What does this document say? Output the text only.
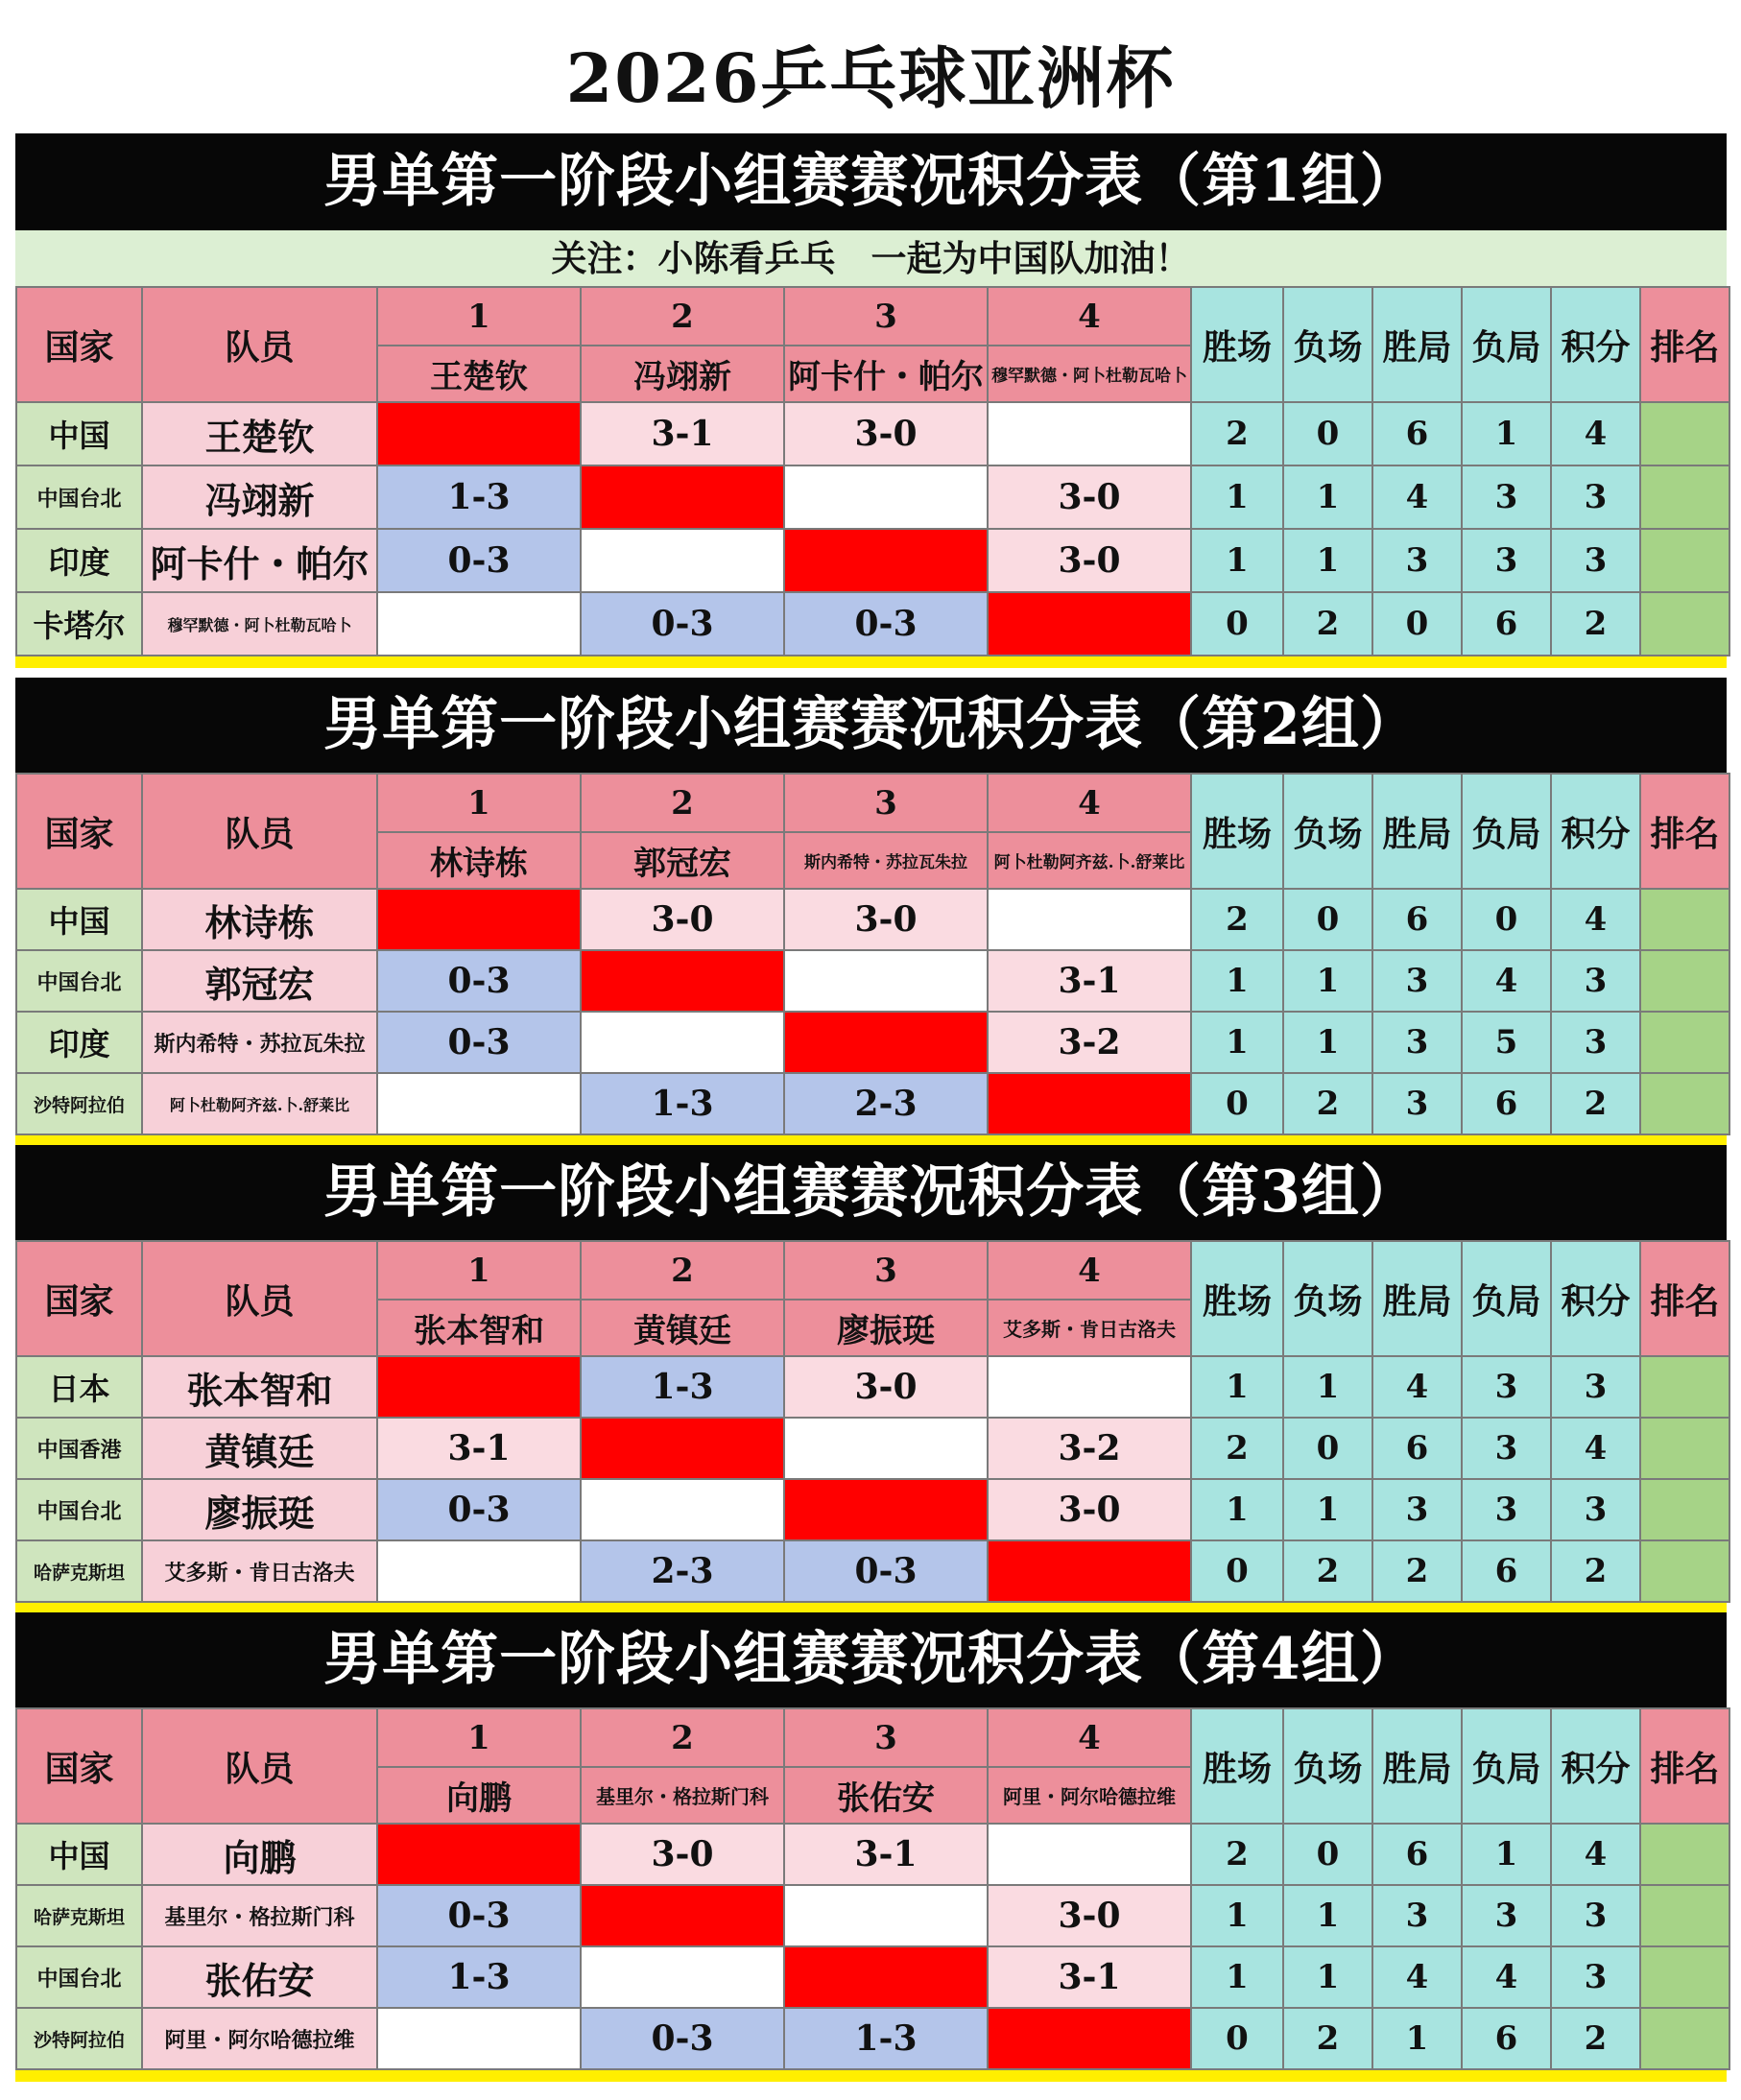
2026乒乓球亚洲杯
男单第一阶段小组赛赛况积分表（第1组）
关注：小陈看乒乓　一起为中国队加油！
国家	队员	1	2	3	4	胜场	负场	胜局	负局	积分	排名
		王楚钦	冯翊新	阿卡什・帕尔	穆罕默德・阿卜杜勒瓦哈卜						
中国	王楚钦		3-1	3-0		2	0	6	1	4	
中国台北	冯翊新	1-3			3-0	1	1	4	3	3	
印度	阿卡什・帕尔	0-3			3-0	1	1	3	3	3	
卡塔尔	穆罕默德・阿卜杜勒瓦哈卜		0-3	0-3		0	2	0	6	2	
男单第一阶段小组赛赛况积分表（第2组）
国家	队员	1	2	3	4	胜场	负场	胜局	负局	积分	排名
		林诗栋	郭冠宏	斯内希特・苏拉瓦朱拉	阿卜杜勒阿齐兹.卜.舒莱比						
中国	林诗栋		3-0	3-0		2	0	6	0	4	
中国台北	郭冠宏	0-3			3-1	1	1	3	4	3	
印度	斯内希特・苏拉瓦朱拉	0-3			3-2	1	1	3	5	3	
沙特阿拉伯	阿卜杜勒阿齐兹.卜.舒莱比		1-3	2-3		0	2	3	6	2	
男单第一阶段小组赛赛况积分表（第3组）
国家	队员	1	2	3	4	胜场	负场	胜局	负局	积分	排名
		张本智和	黄镇廷	廖振珽	艾多斯・肯日古洛夫						
日本	张本智和		1-3	3-0		1	1	4	3	3	
中国香港	黄镇廷	3-1			3-2	2	0	6	3	4	
中国台北	廖振珽	0-3			3-0	1	1	3	3	3	
哈萨克斯坦	艾多斯・肯日古洛夫		2-3	0-3		0	2	2	6	2	
男单第一阶段小组赛赛况积分表（第4组）
国家	队员	1	2	3	4	胜场	负场	胜局	负局	积分	排名
		向鹏	基里尔・格拉斯门科	张佑安	阿里・阿尔哈德拉维						
中国	向鹏		3-0	3-1		2	0	6	1	4	
哈萨克斯坦	基里尔・格拉斯门科	0-3			3-0	1	1	3	3	3	
中国台北	张佑安	1-3			3-1	1	1	4	4	3	
沙特阿拉伯	阿里・阿尔哈德拉维		0-3	1-3		0	2	1	6	2	
